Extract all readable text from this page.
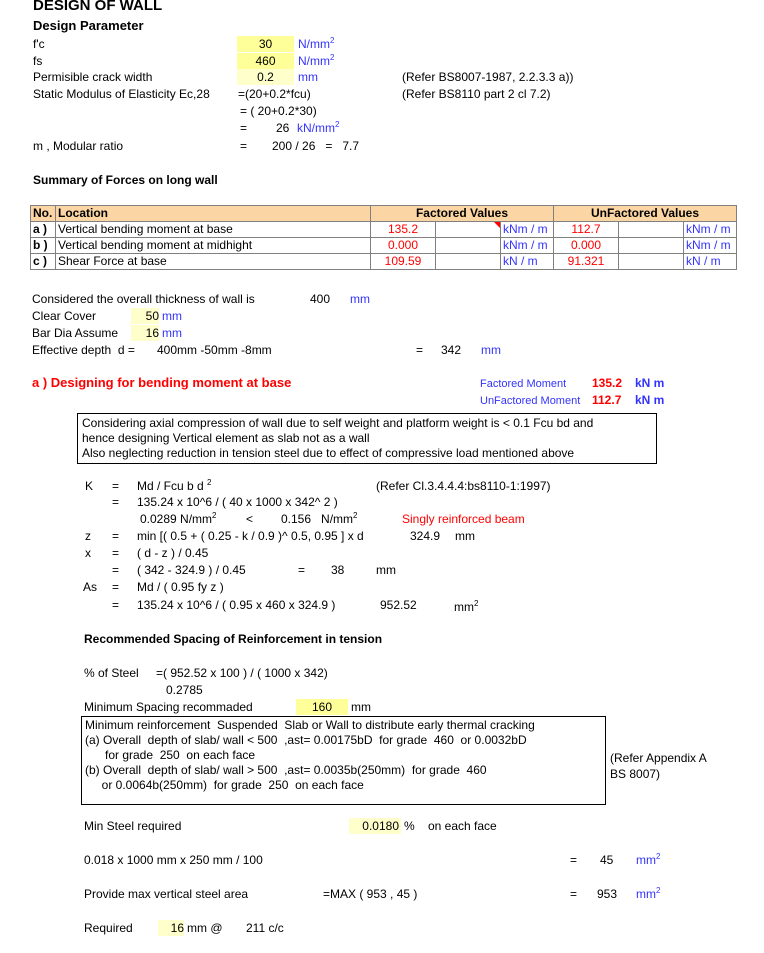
DESIGN OF WALL
Design Parameter
f'c	30	$N/mm^2$
fs	460	$N/mm^2$
Permisible crack width	0.2	mm	(Refer BS8007-1987, 2.2.3.3 a))
Static Modulus of Elasticity Ec,28 =(20+0.2*fcu)	(Refer BS8110 part 2 cl 7.2)
= ( 20+0.2*30)
= 26 $kN/mm^2$
m , Modular ratio	= 200 / 26   =   7.7
Summary of Forces on long wall
No.	Location	Factored Values			UnFactored Values		
a )	Vertical bending moment at base	135.2		kNm / m	112.7		kNm / m
b )	Vertical bending moment at midhight	0.000		kNm / m	0.000		kNm / m
c )	Shear Force at base	109.59		kN / m	91.321		kN / m
Considered the overall thickness of wall is	400 mm
Clear Cover	50 mm
Bar Dia Assume	16 mm
Effective depth  d = 400mm -50mm -8mm	= 342 mm
a ) Designing for bending moment at base	Factored Moment 135.2 kN m
UnFactored Moment 112.7 kN m
Considering axial compression of wall due to self weight and platform weight is < 0.1 Fcu bd and
hence designing Vertical element as slab not as a wall
Also neglecting reduction in tension steel due to effect of compressive load mentioned above
K = Md / Fcu b d $^2$	(Refer Cl.3.4.4.4:bs8110-1:1997)
= 135.24 x 10^6 / ( 40 x 1000 x 342^ 2 )
0.0289 $N/mm^2 < 0.156$   $N/mm^2$	Singly reinforced beam
z = min [( 0.5 + ( 0.25 - k / 0.9 )^ 0.5, 0.95 ] x d	324.9 mm
x = ( d - z ) / 0.45
= ( 342 - 324.9 ) / 0.45	= 38	mm
As = Md / ( 0.95 fy z )
= 135.24 x 10^6 / ( 0.95 x 460 x 324.9 )	952.52	$mm^2$
Recommended Spacing of Reinforcement in tension
% of Steel =( 952.52 x 100 ) / ( 1000 x 342)
0.2785
Minimum Spacing recommaded	160	mm
Minimum reinforcement  Suspended  Slab or Wall to distribute early thermal cracking
(a) Overall  depth of slab/ wall < 500  ,ast= 0.00175bD  for grade  460  or 0.0032bD
for grade  250  on each face
(b) Overall  depth of slab/ wall > 500  ,ast= 0.0035b(250mm)  for grade  460
or 0.0064b(250mm)  for grade  250  on each face
(Refer Appendix A
BS 8007)
Min Steel required	0.0180 % on each face
0.018 x 1000 mm x 250 mm / 100	= 45 $mm^2$
Provide max vertical steel area	=MAX ( 953 , 45 )	= 953 $mm^2$
Required	16 mm @ 211 c/c
